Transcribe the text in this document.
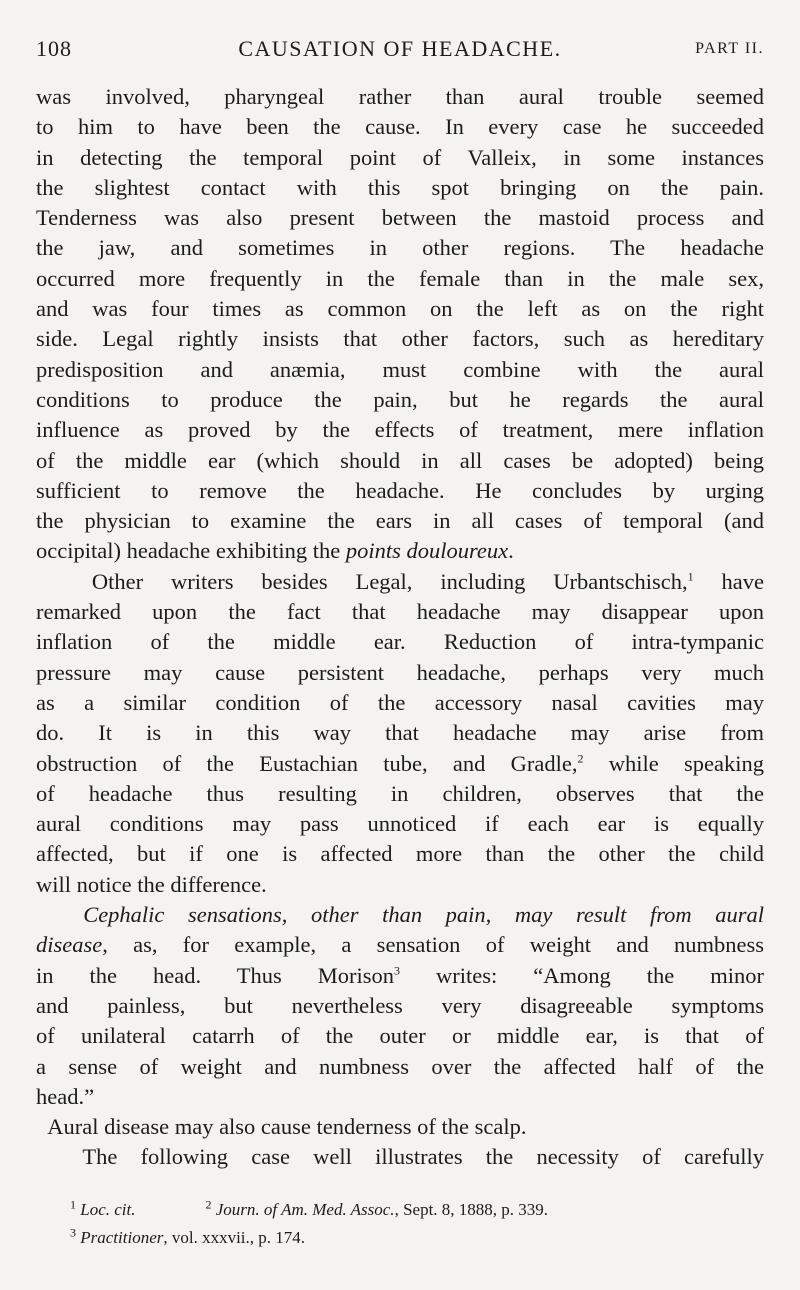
108	CAUSATION OF HEADACHE.	PART II.

was involved, pharyngeal rather than aural trouble seemed
to him to have been the cause. In every case he succeeded
in detecting the temporal point of Valleix, in some instances
the slightest contact with this spot bringing on the pain.
Tenderness was also present between the mastoid process and
the jaw, and sometimes in other regions. The headache
occurred more frequently in the female than in the male sex,
and was four times as common on the left as on the right
side. Legal rightly insists that other factors, such as hereditary
predisposition and anæmia, must combine with the aural
conditions to produce the pain, but he regards the aural
influence as proved by the effects of treatment, mere inflation
of the middle ear (which should in all cases be adopted) being
sufficient to remove the headache. He concludes by urging
the physician to examine the ears in all cases of temporal (and
occipital) headache exhibiting the points douloureux.

Other writers besides Legal, including Urbantschisch,$^1$ have
remarked upon the fact that headache may disappear upon
inflation of the middle ear. Reduction of intra-tympanic
pressure may cause persistent headache, perhaps very much
as a similar condition of the accessory nasal cavities may
do. It is in this way that headache may arise from
obstruction of the Eustachian tube, and Gradle,$^2$ while speaking
of headache thus resulting in children, observes that the
aural conditions may pass unnoticed if each ear is equally
affected, but if one is affected more than the other the child
will notice the difference.

Cephalic sensations, other than pain, may result from aural
disease, as, for example, a sensation of weight and numbness
in the head. Thus Morison$^3$ writes: “Among the minor
and painless, but nevertheless very disagreeable symptoms
of unilateral catarrh of the outer or middle ear, is that of
a sense of weight and numbness over the affected half of the
head.”

Aural disease may also cause tenderness of the scalp.

The following case well illustrates the necessity of carefully

$^1$ Loc. cit.	$^2$ Journ. of Am. Med. Assoc., Sept. 8, 1888, p. 339.
$^3$ Practitioner, vol. xxxvii., p. 174.
